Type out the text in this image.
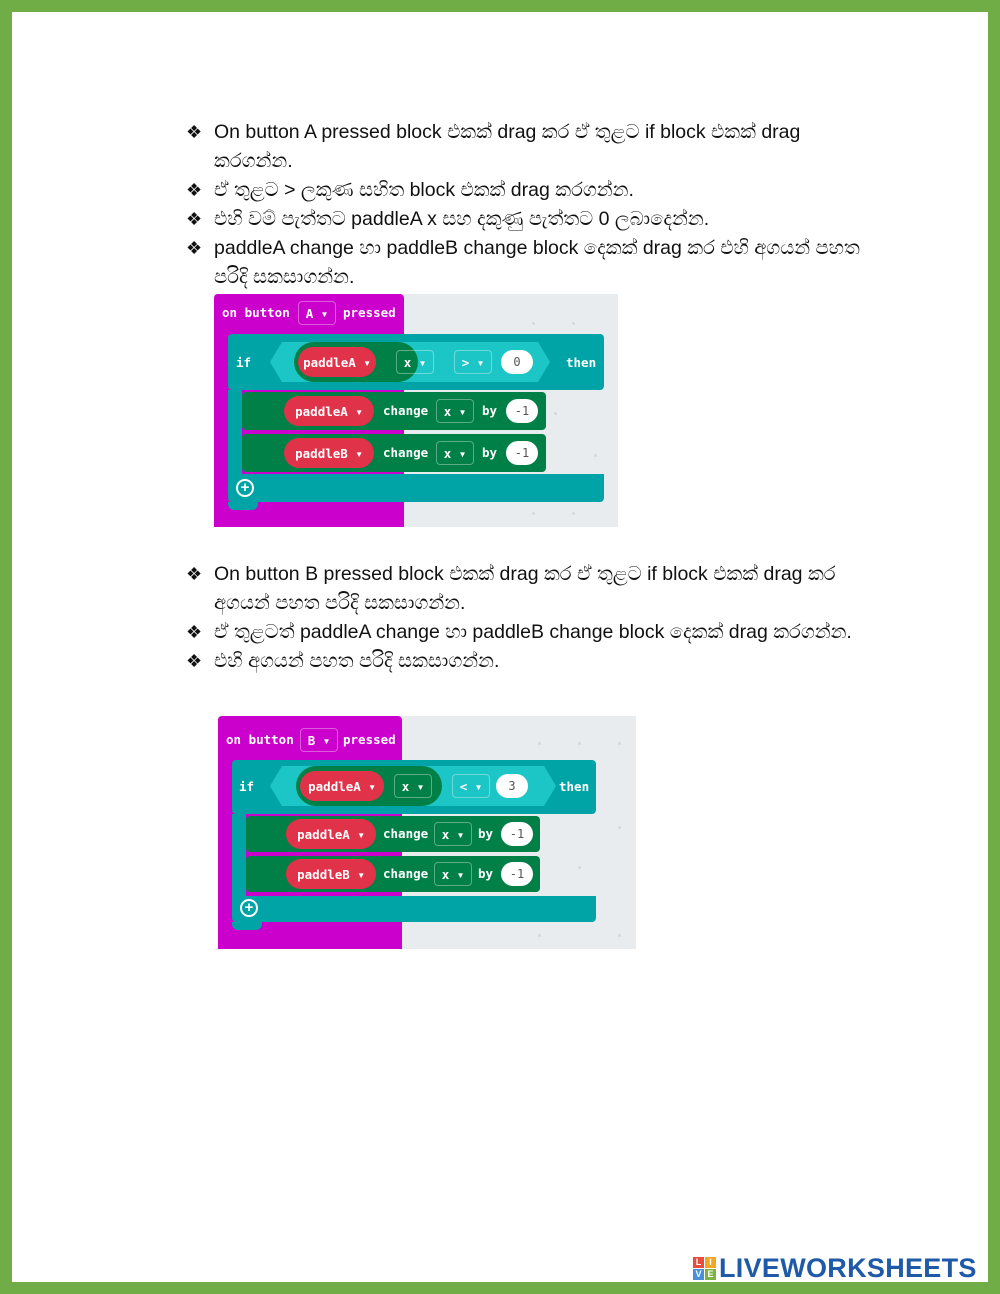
❖ On button A pressed block එකක් drag කර ඒ තුළට if block එකක් drag කරගන්න.
❖ ඒ තුළට > ලකුණ සහිත block එකක් drag කරගන්න.
❖ එහි වම් පැත්තට paddleA x සහ දකුණු පැත්තට 0 ලබාදෙන්න.
❖ paddleA change හා paddleB change block දෙකක් drag කර එහි අගයන් පහත පරිදි සකසාගන්න.
on button A
▾ pressed
if	paddleA
▾	x
▾	>
▾	0	then
paddleA
▾ change x
▾ by	-1
paddleB
▾ change x
▾ by	-1
+
❖ On button B pressed block එකක් drag කර ඒ තුළට if block එකක් drag කර අගයන් පහත පරිදි සකසාගන්න.
❖ ඒ තුළටත් paddleA change හා paddleB change block දෙකක් drag කරගන්න.
❖ එහි අගයන් පහත පරිදි සකසාගන්න.
on button B
▾ pressed
if	paddleA
▾ x
▾	<
▾	3	then
paddleA
▾ change x
▾ by	-1
paddleB
▾ change x
▾ by	-1
+
L I
V E LIVEWORKSHEETS
